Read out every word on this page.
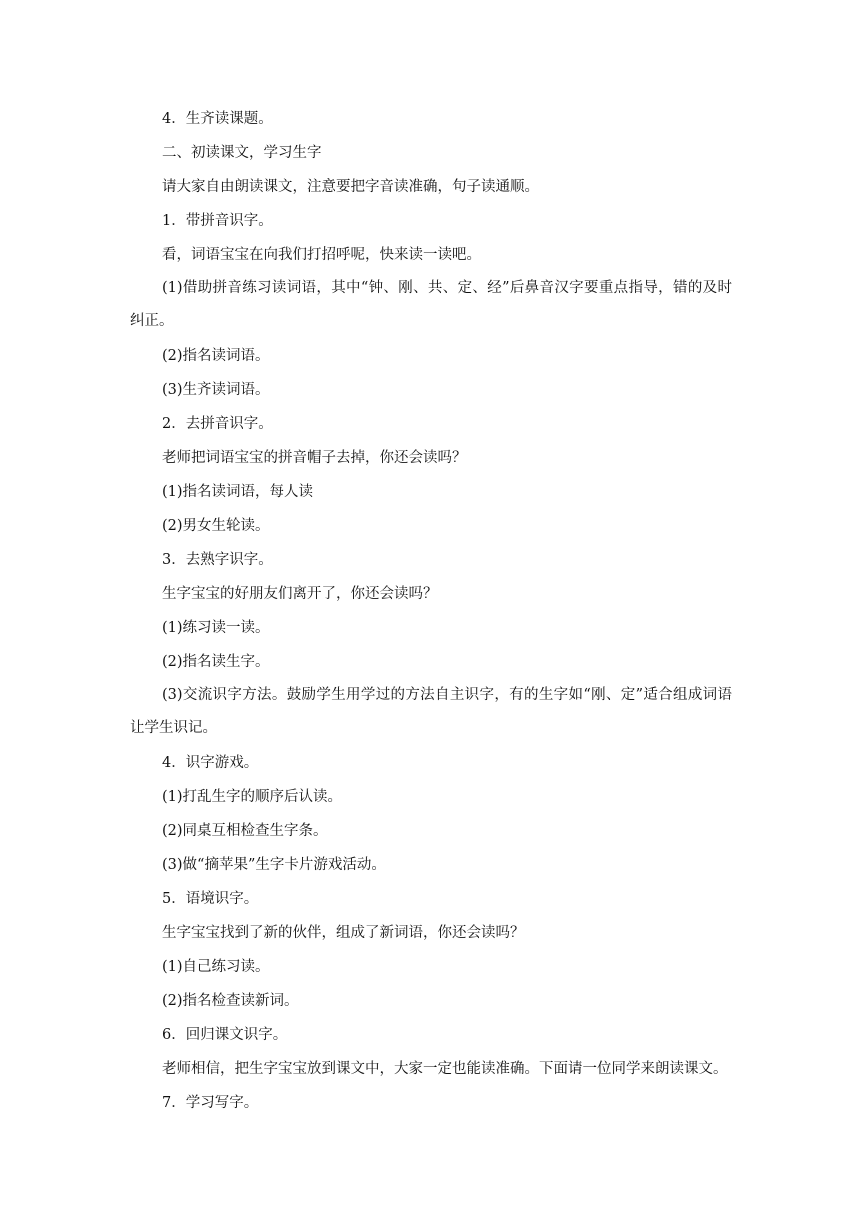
4．生齐读课题。

二、初读课文，学习生字

请大家自由朗读课文，注意要把字音读准确，句子读通顺。

1．带拼音识字。

看，词语宝宝在向我们打招呼呢，快来读一读吧。

(1)借助拼音练习读词语，其中“钟、刚、共、定、经”后鼻音汉字要重点指导，错的及时纠正。

(2)指名读词语。

(3)生齐读词语。

2．去拼音识字。

老师把词语宝宝的拼音帽子去掉，你还会读吗？

(1)指名读词语，每人读

(2)男女生轮读。

3．去熟字识字。

生字宝宝的好朋友们离开了，你还会读吗？

(1)练习读一读。

(2)指名读生字。

(3)交流识字方法。鼓励学生用学过的方法自主识字，有的生字如“刚、定”适合组成词语让学生识记。

4．识字游戏。

(1)打乱生字的顺序后认读。

(2)同桌互相检查生字条。

(3)做“摘苹果”生字卡片游戏活动。

5．语境识字。

生字宝宝找到了新的伙伴，组成了新词语，你还会读吗？

(1)自己练习读。

(2)指名检查读新词。

6．回归课文识字。

老师相信，把生字宝宝放到课文中，大家一定也能读准确。下面请一位同学来朗读课文。

7．学习写字。
